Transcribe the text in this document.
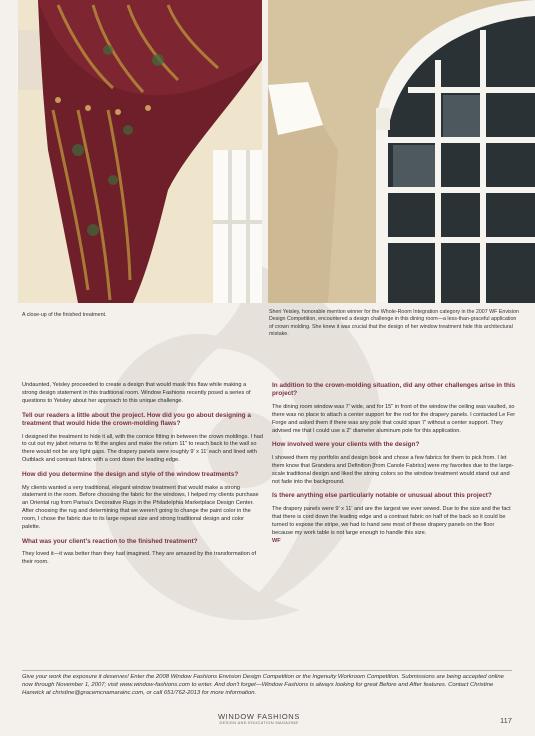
A close-up of the finished treatment.	Sheri Yeisley, honorable mention winner for the Whole-Room Integration category in the 2007 WF Envision Design Competition, encountered a design challenge in this dining room—a less-than-graceful application of crown molding. She knew it was crucial that the design of her window treatment hide this architectural mistake.

Undaunted, Yeisley proceeded to create a design that would mask this flaw while making a strong design statement in this traditional room. Window Fashions recently posed a series of questions to Yeisley about her approach to this unique challenge.

Tell our readers a little about the project. How did you go about designing a treatment that would hide the crown-molding flaws?

I designed the treatment to hide it all, with the cornice fitting in between the crown moldings. I had to cut out my jabot returns to fit the angles and make the return 11" to reach back to the wall so there would not be any light gaps. The drapery panels were roughly 9' x 11' each and lined with Outblack and contrast fabric with a cord down the leading edge.

How did you determine the design and style of the window treatments?

My clients wanted a very traditional, elegant window treatment that would make a strong statement in the room. Before choosing the fabric for the windows, I helped my clients purchase an Oriental rug from Parisa's Decorative Rugs in the Philadelphia Marketplace Design Center. After choosing the rug and determining that we weren't going to change the paint color in the room, I chose the fabric due to its large repeat size and strong traditional design and color palette.

What was your client's reaction to the finished treatment?

They loved it—it was better than they had imagined. They are amazed by the transformation of their room.

In addition to the crown-molding situation, did any other challenges arise in this project?

The dining room window was 7' wide, and for 15" in front of the window the ceiling was vaulted, so there was no place to attach a center support for the rod for the drapery panels. I contacted Le Fer Forge and asked them if there was any pole that could span 7' without a center support. They advised me that I could use a 2" diameter aluminum pole for this application.

How involved were your clients with the design?

I showed them my portfolio and design book and chose a few fabrics for them to pick from. I let them know that Grandera and Definition [from Canole Fabrics] were my favorites due to the large-scale traditional design and liked the strong colors so the window treatment would stand out and not fade into the background.

Is there anything else particularly notable or unusual about this project?

The drapery panels were 9' x 11' and are the largest we ever sewed. Due to the size and the fact that there is cord down the leading edge and a contrast fabric on half of the back so it could be turned to expose the stripe, we had to hand sew most of these drapery panels on the floor because my work table is not large enough to handle this size.
WF

Give your work the exposure it deserves! Enter the 2008 Window Fashions Envision Design Competition or the Ingenuity Workroom Competition. Submissions are being accepted online now through November 1, 2007; visit www.window-fashions.com to enter. And don't forget—Window Fashions is always looking for great Before and After features. Contact Christine Hanwick at christine@gracemcnamarainc.com, or call 651/762-2013 for more information.
WINDOW FASHIONS
DESIGN AND EDUCATION MAGAZINE	117
